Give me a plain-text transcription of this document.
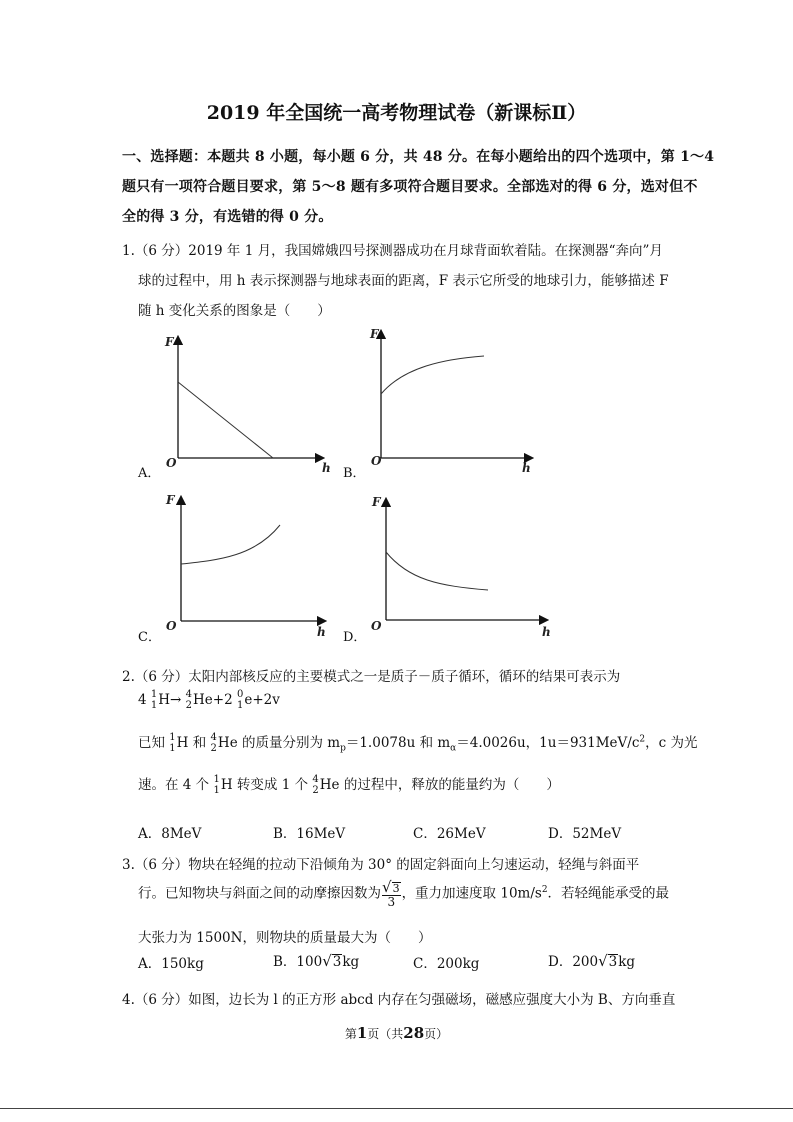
2019 年全国统一高考物理试卷（新课标Ⅱ）
一、选择题：本题共 8 小题，每小题 6 分，共 48 分。在每小题给出的四个选项中，第 1～4
题只有一项符合题目要求，第 5～8 题有多项符合题目要求。全部选对的得 6 分，选对但不
全的得 3 分，有选错的得 0 分。
1.（6 分）2019 年 1 月，我国嫦娥四号探测器成功在月球背面软着陆。在探测器“奔向”月
球的过程中，用 h 表示探测器与地球表面的距离，F 表示它所受的地球引力，能够描述 F
随 h 变化关系的图象是（　　）
F
O	h
A．
F
O	h
B．
F
O	h
C．
F
O	h
D．
2.（6 分）太阳内部核反应的主要模式之一是质子－质子循环，循环的结果可表示为
4 1
1 H→ 4
2 He+2 0
1 e+2v
已知 1
1 H 和 4
2 He 的质量分别为 $m_p=1.0078u$ 和 $m_\alpha=4.0026u$，$1u=931MeV/c^2$，c 为光
速。在 4 个 1
1 H 转变成 1 个 4
2 He 的过程中，释放的能量约为（　　）
A．8MeV	B．16MeV	C．26MeV	D．52MeV
3.（6 分）物块在轻绳的拉动下沿倾角为 30° 的固定斜面向上匀速运动，轻绳与斜面平
行。已知物块与斜面之间的动摩擦因数为 $\frac{√3}{3}$ ，重力加速度取 $10m/s^2$．若轻绳能承受的最
大张力为 1500N，则物块的质量最大为（　　）
A．150kg	B．100√3kg	C．200kg	D．200√3kg
4.（6 分）如图，边长为 l 的正方形 abcd 内存在匀强磁场，磁感应强度大小为 B、方向垂直
第1页（共28页）
